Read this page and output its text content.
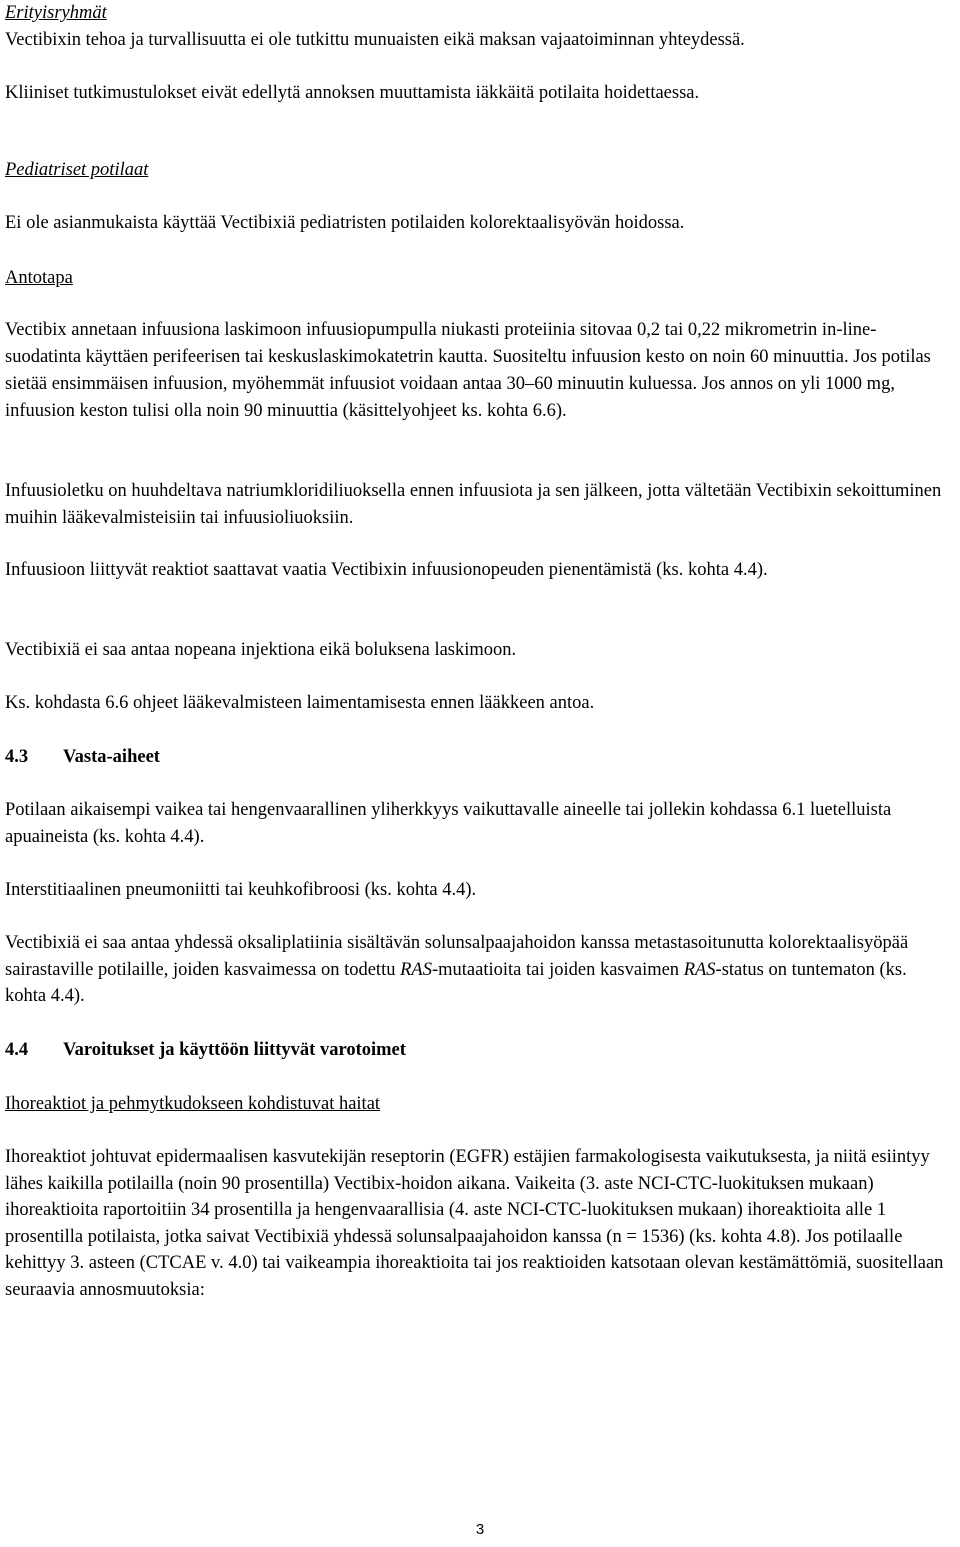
Erityisryhmät

Vectibixin tehoa ja turvallisuutta ei ole tutkittu munuaisten eikä maksan vajaatoiminnan yhteydessä.

Kliiniset tutkimustulokset eivät edellytä annoksen muuttamista iäkkäitä potilaita hoidettaessa.

Pediatriset potilaat

Ei ole asianmukaista käyttää Vectibixiä pediatristen potilaiden kolorektaalisyövän hoidossa.

Antotapa

Vectibix annetaan infuusiona laskimoon infuusiopumpulla niukasti proteiinia sitovaa 0,2 tai 0,22 mikrometrin in-line-suodatinta käyttäen perifeerisen tai keskuslaskimokatetrin kautta. Suositeltu infuusion kesto on noin 60 minuuttia. Jos potilas sietää ensimmäisen infuusion, myöhemmät infuusiot voidaan antaa 30–60 minuutin kuluessa. Jos annos on yli 1000 mg, infuusion keston tulisi olla noin 90 minuuttia (käsittelyohjeet ks. kohta 6.6).

Infuusioletku on huuhdeltava natriumkloridiliuoksella ennen infuusiota ja sen jälkeen, jotta vältetään Vectibixin sekoittuminen muihin lääkevalmisteisiin tai infuusioliuoksiin.

Infuusioon liittyvät reaktiot saattavat vaatia Vectibixin infuusionopeuden pienentämistä (ks. kohta 4.4).

Vectibixiä ei saa antaa nopeana injektiona eikä boluksena laskimoon.

Ks. kohdasta 6.6 ohjeet lääkevalmisteen laimentamisesta ennen lääkkeen antoa.

4.3 Vasta-aiheet

Potilaan aikaisempi vaikea tai hengenvaarallinen yliherkkyys vaikuttavalle aineelle tai jollekin kohdassa 6.1 luetelluista apuaineista (ks. kohta 4.4).

Interstitiaalinen pneumoniitti tai keuhkofibroosi (ks. kohta 4.4).

Vectibixiä ei saa antaa yhdessä oksaliplatiinia sisältävän solunsalpaajahoidon kanssa metastasoitunutta kolorektaalisyöpää sairastaville potilaille, joiden kasvaimessa on todettu RAS-mutaatioita tai joiden kasvaimen RAS-status on tuntematon (ks. kohta 4.4).

4.4 Varoitukset ja käyttöön liittyvät varotoimet

Ihoreaktiot ja pehmytkudokseen kohdistuvat haitat

Ihoreaktiot johtuvat epidermaalisen kasvutekijän reseptorin (EGFR) estäjien farmakologisesta vaikutuksesta, ja niitä esiintyy lähes kaikilla potilailla (noin 90 prosentilla) Vectibix-hoidon aikana. Vaikeita (3. aste NCI-CTC-luokituksen mukaan) ihoreaktioita raportoitiin 34 prosentilla ja hengenvaarallisia (4. aste NCI-CTC-luokituksen mukaan) ihoreaktioita alle 1 prosentilla potilaista, jotka saivat Vectibixiä yhdessä solunsalpaajahoidon kanssa (n = 1536) (ks. kohta 4.8). Jos potilaalle kehittyy 3. asteen (CTCAE v. 4.0) tai vaikeampia ihoreaktioita tai jos reaktioiden katsotaan olevan kestämättömiä, suositellaan seuraavia annosmuutoksia:

3
